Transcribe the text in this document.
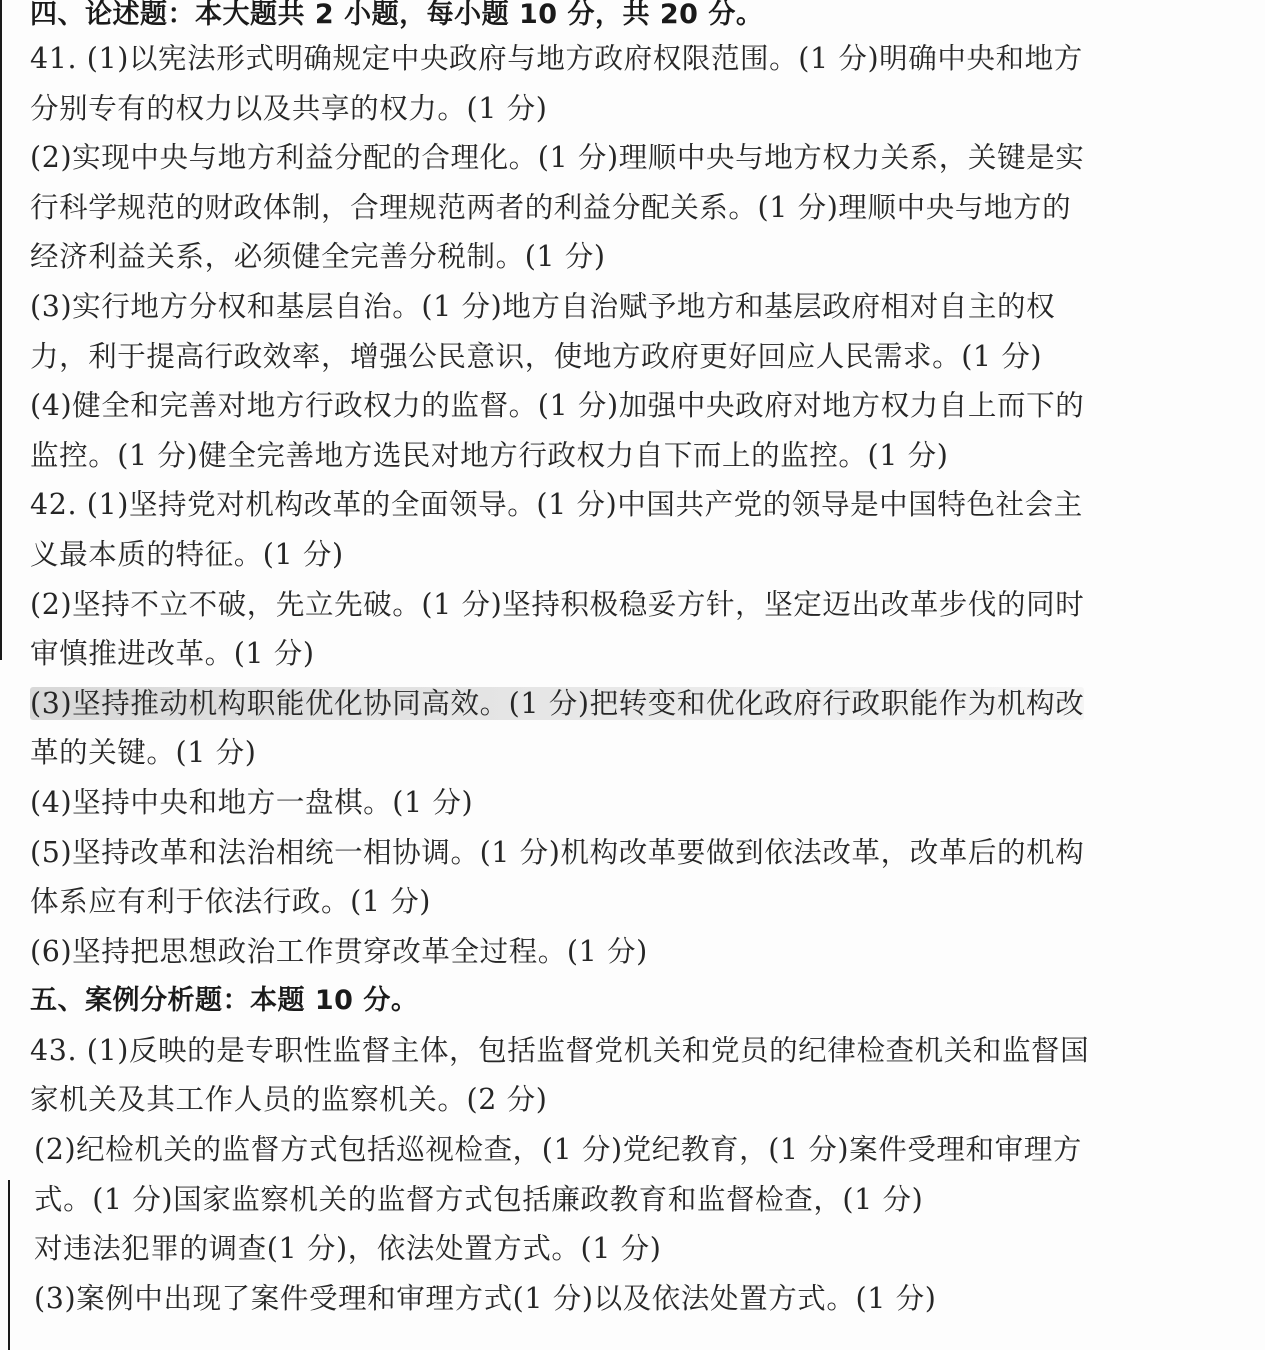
四、论述题：本大题共 2 小题，每小题 10 分，共 20 分。
41. (1)以宪法形式明确规定中央政府与地方政府权限范围。(1 分)明确中央和地方
分别专有的权力以及共享的权力。(1 分)
(2)实现中央与地方利益分配的合理化。(1 分)理顺中央与地方权力关系，关键是实
行科学规范的财政体制，合理规范两者的利益分配关系。(1 分)理顺中央与地方的
经济利益关系，必须健全完善分税制。(1 分)
(3)实行地方分权和基层自治。(1 分)地方自治赋予地方和基层政府相对自主的权
力，利于提高行政效率，增强公民意识，使地方政府更好回应人民需求。(1 分)
(4)健全和完善对地方行政权力的监督。(1 分)加强中央政府对地方权力自上而下的
监控。(1 分)健全完善地方选民对地方行政权力自下而上的监控。(1 分)
42. (1)坚持党对机构改革的全面领导。(1 分)中国共产党的领导是中国特色社会主
义最本质的特征。(1 分)
(2)坚持不立不破，先立先破。(1 分)坚持积极稳妥方针，坚定迈出改革步伐的同时
审慎推进改革。(1 分)
(3)坚持推动机构职能优化协同高效。(1 分)把转变和优化政府行政职能作为机构改
革的关键。(1 分)
(4)坚持中央和地方一盘棋。(1 分)
(5)坚持改革和法治相统一相协调。(1 分)机构改革要做到依法改革，改革后的机构
体系应有利于依法行政。(1 分)
(6)坚持把思想政治工作贯穿改革全过程。(1 分)
五、案例分析题：本题 10 分。
43. (1)反映的是专职性监督主体，包括监督党机关和党员的纪律检查机关和监督国
家机关及其工作人员的监察机关。(2 分)
(2)纪检机关的监督方式包括巡视检查，(1 分)党纪教育，(1 分)案件受理和审理方
式。(1 分)国家监察机关的监督方式包括廉政教育和监督检查，(1 分)
对违法犯罪的调查(1 分)，依法处置方式。(1 分)
(3)案例中出现了案件受理和审理方式(1 分)以及依法处置方式。(1 分)
